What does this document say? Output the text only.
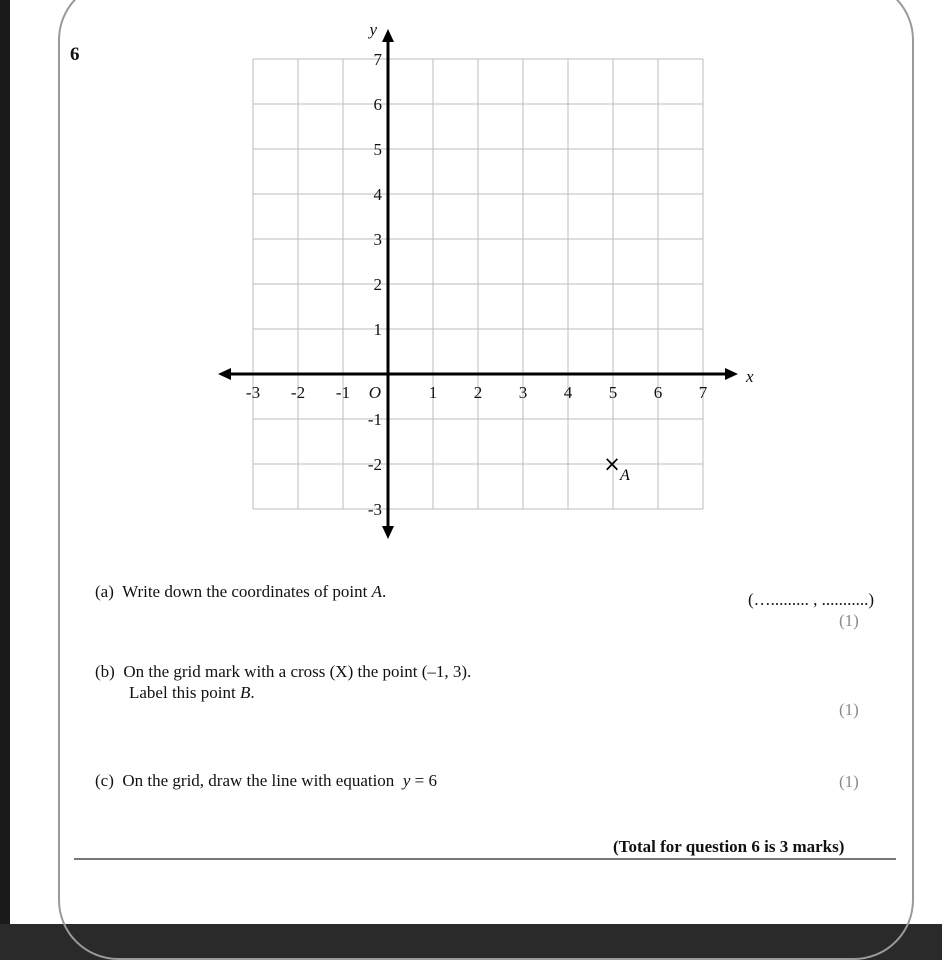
6
-3 -2 -1	1 2 3 4 5 6 7
7
6
5
4
3
2
1
-1
-2
-3
O
x
y
× A
(a) Write down the coordinates of point A.	(…......... , ...........)
(1)
(b) On the grid mark with a cross (X) the point (–1, 3).
Label this point B.
(1)
(c) On the grid, draw the line with equation y = 6	(1)
(Total for question 6 is 3 marks)
